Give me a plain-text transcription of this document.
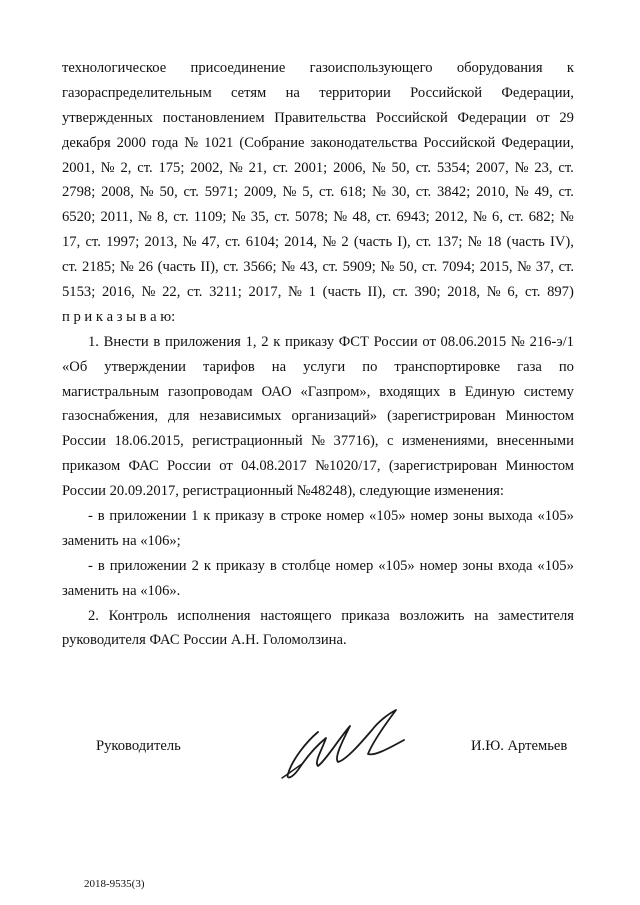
технологическое присоединение газоиспользующего оборудования к
газораспределительным сетям на территории Российской Федерации,
утвержденных постановлением Правительства Российской Федерации от 29
декабря 2000 года № 1021 (Собрание законодательства Российской Федерации,
2001, № 2, ст. 175; 2002, № 21, ст. 2001; 2006, № 50, ст. 5354; 2007, № 23, ст.
2798; 2008, № 50, ст. 5971; 2009, № 5, ст. 618; № 30, ст. 3842; 2010, № 49, ст.
6520; 2011, № 8, ст. 1109; № 35, ст. 5078; № 48, ст. 6943; 2012, № 6, ст. 682; №
17, ст. 1997; 2013, № 47, ст. 6104; 2014, № 2 (часть I), ст. 137; № 18 (часть IV),
ст. 2185; № 26 (часть II), ст. 3566; № 43, ст. 5909; № 50, ст. 7094; 2015, № 37, ст.
5153; 2016, № 22, ст. 3211; 2017, № 1 (часть II), ст. 390; 2018, № 6, ст. 897)
п р и к а з ы в а ю:
1. Внести в приложения 1, 2 к приказу ФСТ России от 08.06.2015 № 216-э/1
«Об утверждении тарифов на услуги по транспортировке газа по
магистральным газопроводам ОАО «Газпром», входящих в Единую систему
газоснабжения, для независимых организаций» (зарегистрирован Минюстом
России 18.06.2015, регистрационный № 37716), с изменениями, внесенными
приказом ФАС России от 04.08.2017 №1020/17, (зарегистрирован Минюстом
России 20.09.2017, регистрационный №48248), следующие изменения:
- в приложении 1 к приказу в строке номер «105» номер зоны выхода «105»
заменить на «106»;
- в приложении 2 к приказу в столбце номер «105» номер зоны входа «105»
заменить на «106».
2. Контроль исполнения настоящего приказа возложить на заместителя
руководителя ФАС России А.Н. Голомолзина.
Руководитель	И.Ю. Артемьев
2018-9535(3)
